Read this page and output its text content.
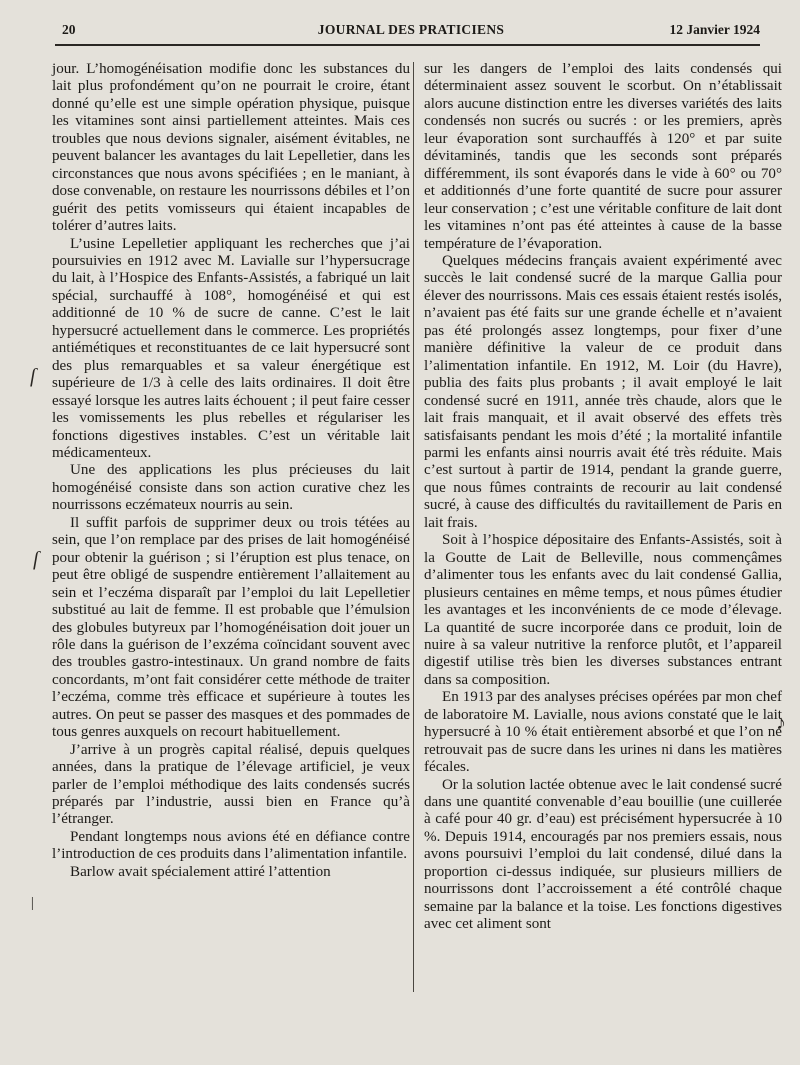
20	JOURNAL DES PRATICIENS	12 Janvier 1924

jour. L’homogénéisation modifie donc les substances du lait plus profondément qu’on ne pourrait le croire, étant donné qu’elle est une simple opération physique, puisque les vitamines sont ainsi partiellement atteintes. Mais ces troubles que nous devions signaler, aisément évitables, ne peuvent balancer les avantages du lait Lepelletier, dans les circonstances que nous avons spécifiées ; en le maniant, à dose convenable, on restaure les nourrissons débiles et l’on guérit des petits vomisseurs qui étaient incapables de tolérer d’autres laits.

L’usine Lepelletier appliquant les recherches que j’ai poursuivies en 1912 avec M. Lavialle sur l’hypersucrage du lait, à l’Hospice des Enfants-Assistés, a fabriqué un lait spécial, surchauffé à 108°, homogénéisé et qui est additionné de 10 % de sucre de canne. C’est le lait hypersucré actuellement dans le commerce. Les propriétés antiémétiques et reconstituantes de ce lait hypersucré sont des plus remarquables et sa valeur énergétique est supérieure de 1/3 à celle des laits ordinaires. Il doit être essayé lorsque les autres laits échouent ; il peut faire cesser les vomissements les plus rebelles et régulariser les fonctions digestives instables. C’est un véritable lait médicamenteux.

Une des applications les plus précieuses du lait homogénéisé consiste dans son action curative chez les nourrissons eczémateux nourris au sein.

Il suffit parfois de supprimer deux ou trois tétées au sein, que l’on remplace par des prises de lait homogénéisé pour obtenir la guérison ; si l’éruption est plus tenace, on peut être obligé de suspendre entièrement l’allaitement au sein et l’eczéma disparaît par l’emploi du lait Lepelletier substitué au lait de femme. Il est probable que l’émulsion des globules butyreux par l’homogénéisation doit jouer un rôle dans la guérison de l’exzéma coïncidant souvent avec des troubles gastro-intestinaux. Un grand nombre de faits concordants, m’ont fait considérer cette méthode de traiter l’eczéma, comme très efficace et supérieure à toutes les autres. On peut se passer des masques et des pommades de tous genres auxquels on recourt habituellement.

J’arrive à un progrès capital réalisé, depuis quelques années, dans la pratique de l’élevage artificiel, je veux parler de l’emploi méthodique des laits condensés sucrés préparés par l’industrie, aussi bien en France qu’à l’étranger.

Pendant longtemps nous avions été en défiance contre l’introduction de ces produits dans l’alimentation infantile.

Barlow avait spécialement attiré l’attention

sur les dangers de l’emploi des laits condensés qui déterminaient assez souvent le scorbut. On n’établissait alors aucune distinction entre les diverses variétés des laits condensés non sucrés ou sucrés : or les premiers, après leur évaporation sont surchauffés à 120° et par suite dévitaminés, tandis que les seconds sont préparés différemment, ils sont évaporés dans le vide à 60° ou 70° et additionnés d’une forte quantité de sucre pour assurer leur conservation ; c’est une véritable confiture de lait dont les vitamines n’ont pas été atteintes à cause de la basse température de l’évaporation.

Quelques médecins français avaient expérimenté avec succès le lait condensé sucré de la marque Gallia pour élever des nourrissons. Mais ces essais étaient restés isolés, n’avaient pas été faits sur une grande échelle et n’avaient pas été prolongés assez longtemps, pour fixer d’une manière définitive la valeur de ce produit dans l’alimentation infantile. En 1912, M. Loir (du Havre), publia des faits plus probants ; il avait employé le lait condensé sucré en 1911, année très chaude, alors que le lait frais manquait, et il avait observé des effets très satisfaisants pendant les mois d’été ; la mortalité infantile parmi les enfants ainsi nourris avait été très réduite. Mais c’est surtout à partir de 1914, pendant la grande guerre, que nous fûmes contraints de recourir au lait condensé sucré, à cause des difficultés du ravitaillement de Paris en lait frais.

Soit à l’hospice dépositaire des Enfants-Assistés, soit à la Goutte de Lait de Belleville, nous commençâmes d’alimenter tous les enfants avec du lait condensé Gallia, plusieurs centaines en même temps, et nous pûmes étudier les avantages et les inconvénients de ce mode d’élevage. La quantité de sucre incorporée dans ce produit, loin de nuire à sa valeur nutritive la renforce plutôt, et l’appareil digestif utilise très bien les diverses substances entrant dans sa composition.

En 1913 par des analyses précises opérées par mon chef de laboratoire M. Lavialle, nous avions constaté que le lait hypersucré à 10 % était entièrement absorbé et que l’on ne retrouvait pas de sucre dans les urines ni dans les matières fécales.

Or la solution lactée obtenue avec le lait condensé sucré dans une quantité convenable d’eau bouillie (une cuillerée à café pour 40 gr. d’eau) est précisément hypersucrée à 10 %. Depuis 1914, encouragés par nos premiers essais, nous avons poursuivi l’emploi du lait condensé, dilué dans la proportion ci-dessus indiquée, sur plusieurs milliers de nourrissons dont l’accroissement a été contrôlé chaque semaine par la balance et la toise. Les fonctions digestives avec cet aliment sont

ſ
ſ
|
♪
